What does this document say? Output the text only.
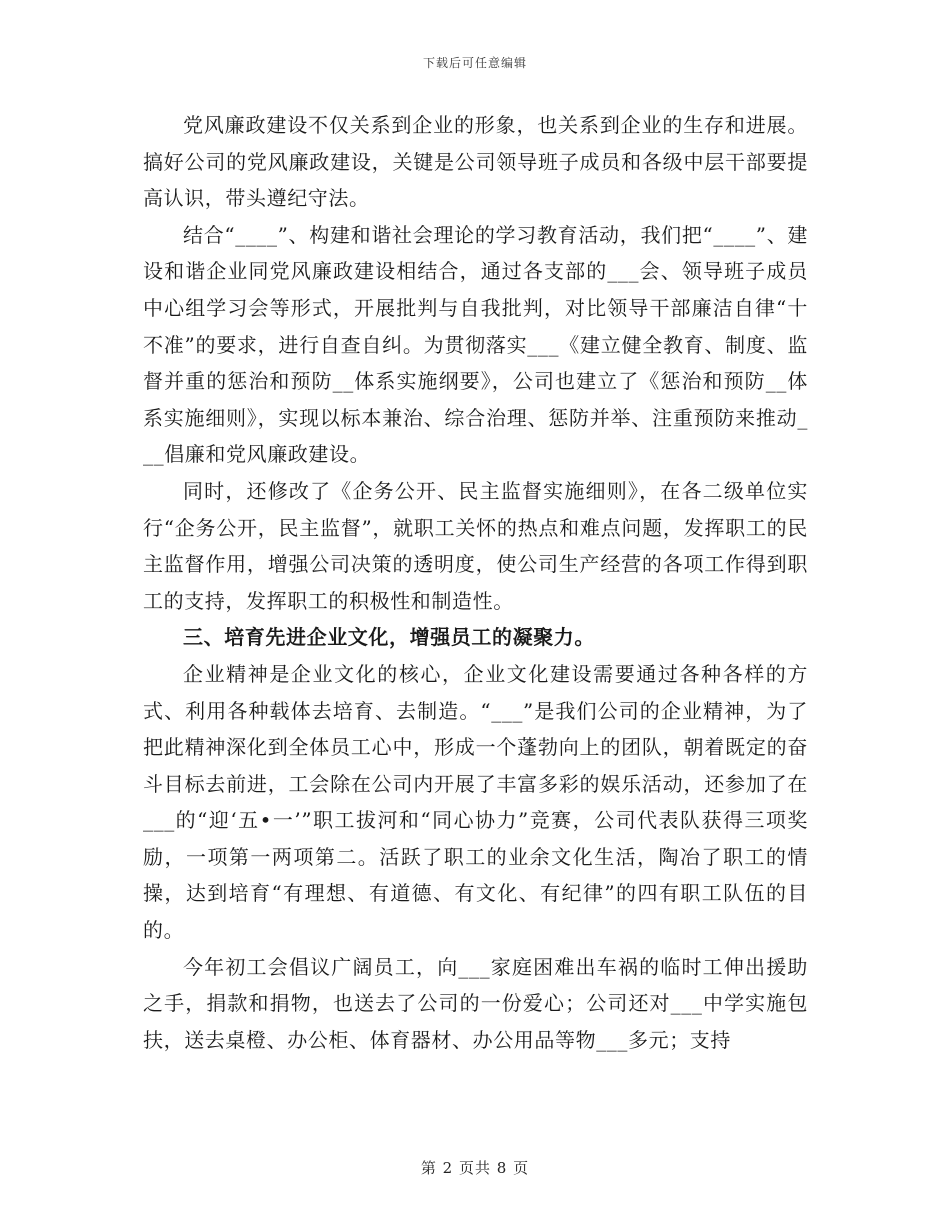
下载后可任意编辑

党风廉政建设不仅关系到企业的形象，也关系到企业的生存和进展。搞好公司的党风廉政建设，关键是公司领导班子成员和各级中层干部要提高认识，带头遵纪守法。

结合“____”、构建和谐社会理论的学习教育活动，我们把“____”、建设和谐企业同党风廉政建设相结合，通过各支部的___会、领导班子成员中心组学习会等形式，开展批判与自我批判，对比领导干部廉洁自律“十不准”的要求，进行自查自纠。为贯彻落实___《建立健全教育、制度、监督并重的惩治和预防__体系实施纲要》，公司也建立了《惩治和预防__体系实施细则》，实现以标本兼治、综合治理、惩防并举、注重预防来推动___倡廉和党风廉政建设。

同时，还修改了《企务公开、民主监督实施细则》，在各二级单位实行“企务公开，民主监督”，就职工关怀的热点和难点问题，发挥职工的民主监督作用，增强公司决策的透明度，使公司生产经营的各项工作得到职工的支持，发挥职工的积极性和制造性。

三、培育先进企业文化，增强员工的凝聚力。

企业精神是企业文化的核心，企业文化建设需要通过各种各样的方式、利用各种载体去培育、去制造。“___”是我们公司的企业精神，为了把此精神深化到全体员工心中，形成一个蓬勃向上的团队，朝着既定的奋斗目标去前进，工会除在公司内开展了丰富多彩的娱乐活动，还参加了在___的“迎‘五•一’”职工拔河和“同心协力”竞赛，公司代表队获得三项奖励，一项第一两项第二。活跃了职工的业余文化生活，陶冶了职工的情操，达到培育“有理想、有道德、有文化、有纪律”的四有职工队伍的目的。

今年初工会倡议广阔员工，向___家庭困难出车祸的临时工伸出援助之手，捐款和捐物，也送去了公司的一份爱心；公司还对___中学实施包扶，送去桌橙、办公柜、体育器材、办公用品等物___多元；支持

第 2 页共 8 页
